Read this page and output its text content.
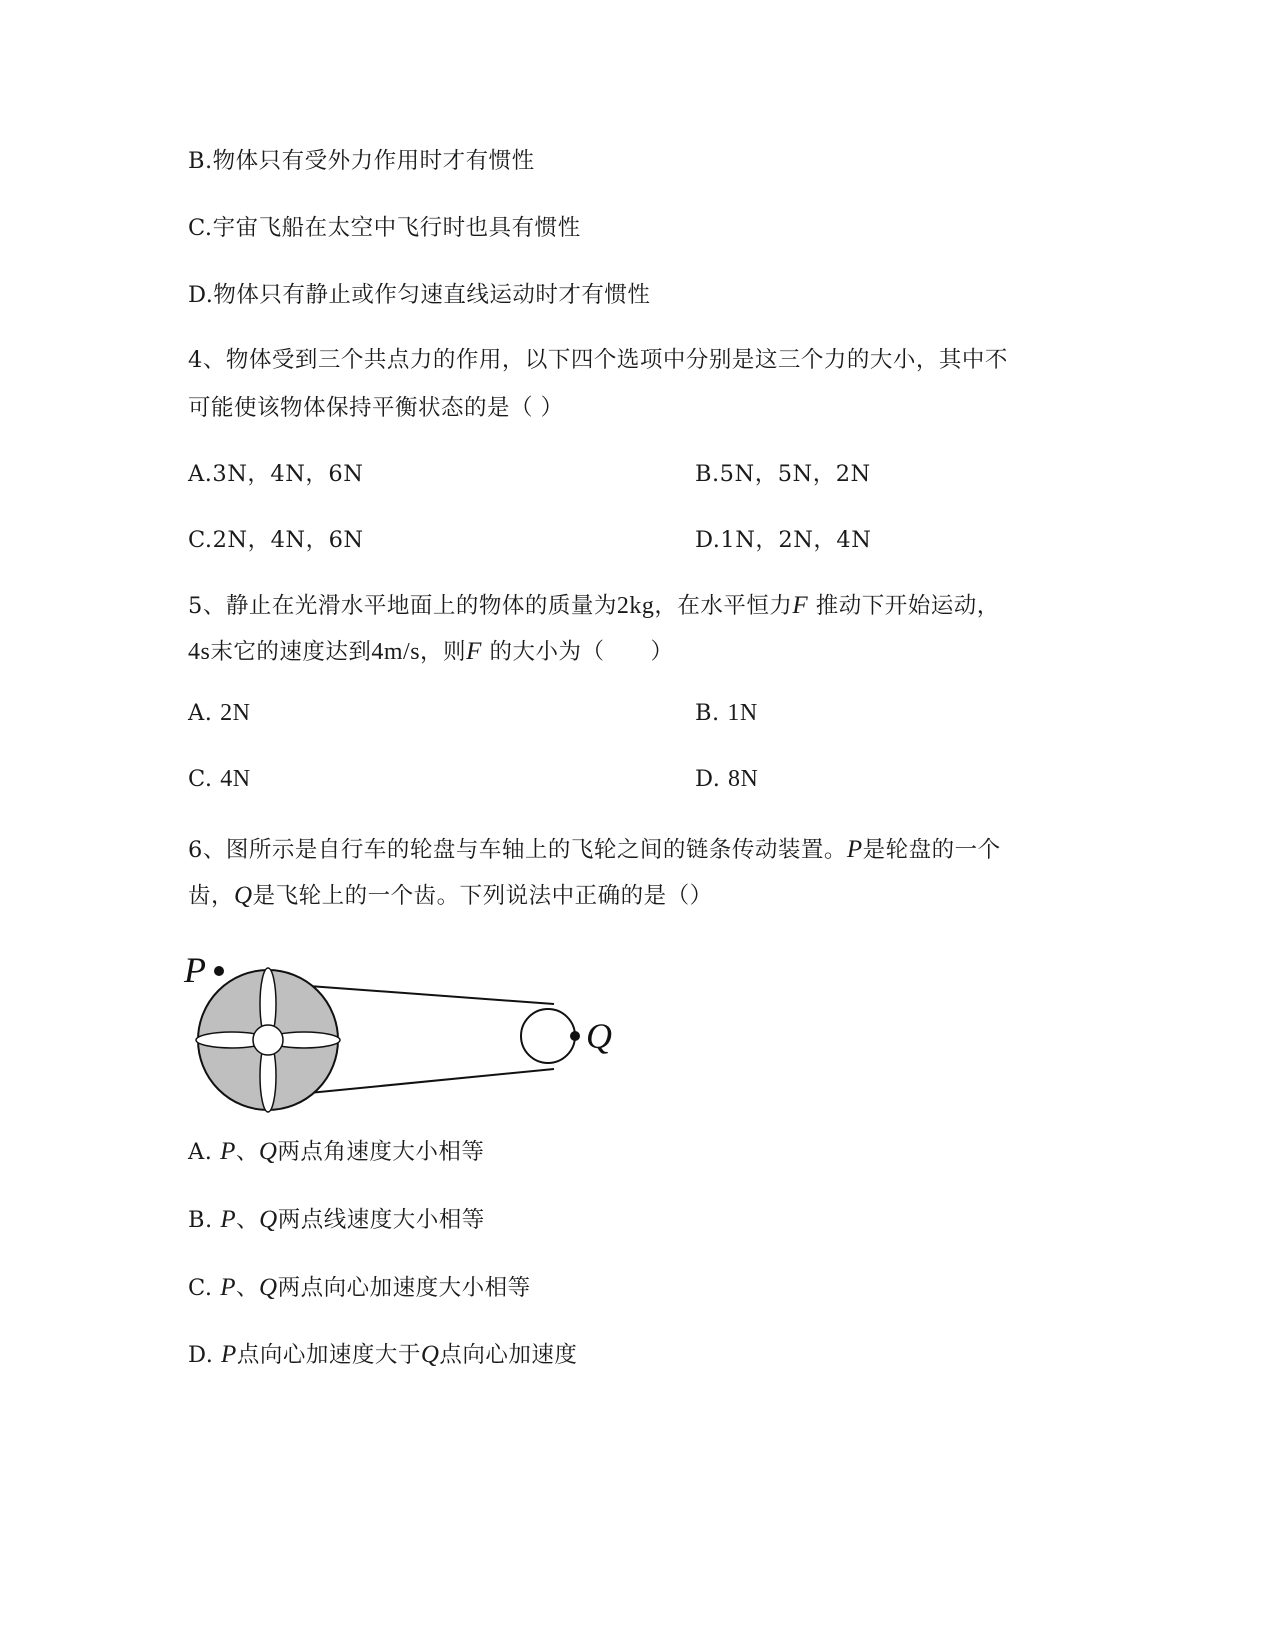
B.物体只有受外力作用时才有惯性
C.宇宙飞船在太空中飞行时也具有惯性
D.物体只有静止或作匀速直线运动时才有惯性
4、物体受到三个共点力的作用，以下四个选项中分别是这三个力的大小，其中不
可能使该物体保持平衡状态的是（ ）
A.3N，4N，6N	B.5N，5N，2N
C.2N，4N，6N	D.1N，2N，4N
5、静止在光滑水平地面上的物体的质量为2kg，在水平恒力F 推动下开始运动，
4s末它的速度达到4m/s，则F 的大小为（　　）
A. 2N	B. 1N
C. 4N	D. 8N
6、图所示是自行车的轮盘与车轴上的飞轮之间的链条传动装置。P是轮盘的一个
齿，Q是飞轮上的一个齿。下列说法中正确的是（）
P
Q
A. P、Q两点角速度大小相等
B. P、Q两点线速度大小相等
C. P、Q两点向心加速度大小相等
D. P点向心加速度大于Q点向心加速度
